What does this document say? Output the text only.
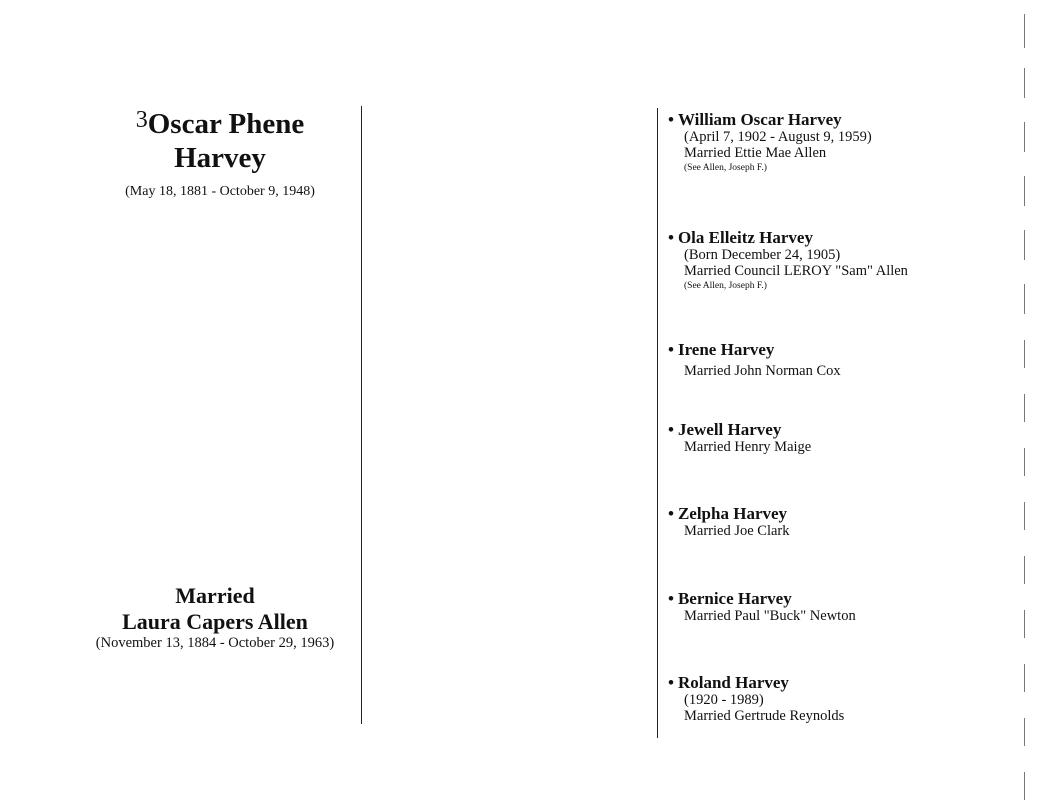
$^3$Oscar Phene
Harvey
(May 18, 1881 - October 9, 1948)
Married
Laura Capers Allen
(November 13, 1884 - October 29, 1963)
• William Oscar Harvey
(April 7, 1902 - August 9, 1959)
Married Ettie Mae Allen
(See Allen, Joseph F.)
• Ola Elleitz Harvey
(Born December 24, 1905)
Married Council LEROY "Sam" Allen
(See Allen, Joseph F.)
• Irene Harvey
Married John Norman Cox
• Jewell Harvey
Married Henry Maige
• Zelpha Harvey
Married Joe Clark
• Bernice Harvey
Married Paul "Buck" Newton
• Roland Harvey
(1920 - 1989)
Married Gertrude Reynolds
